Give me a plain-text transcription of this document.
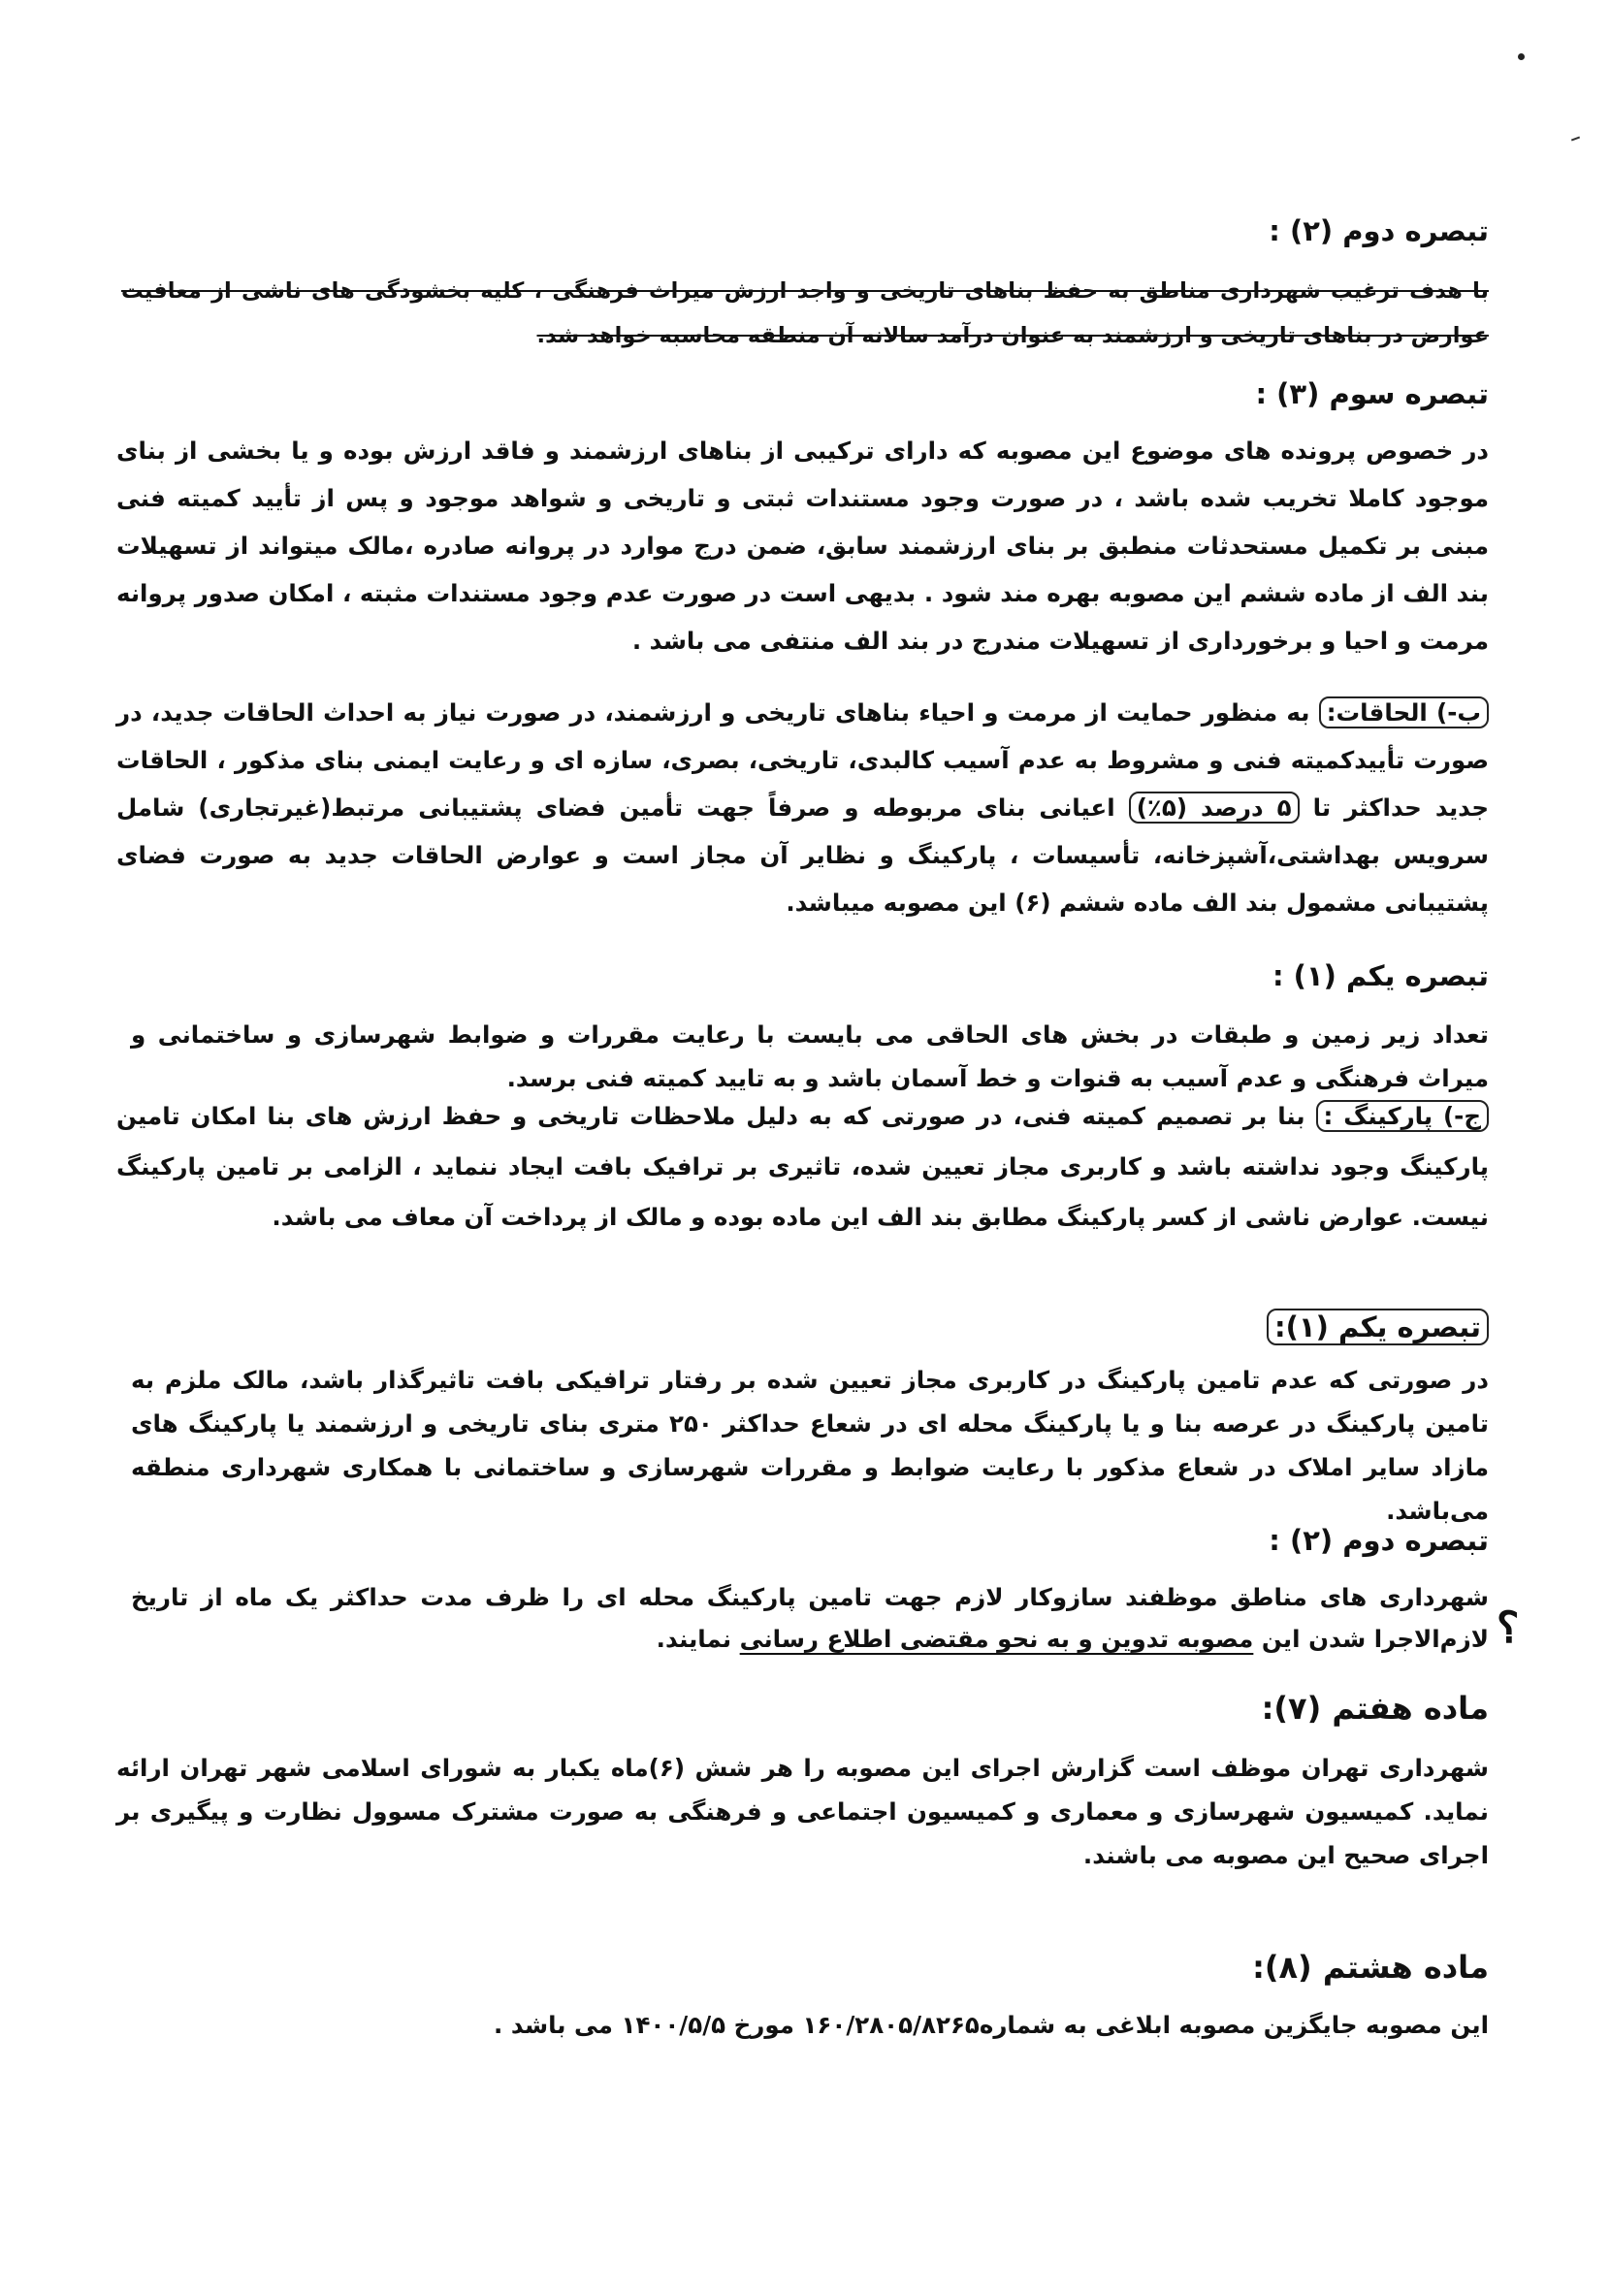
تبصره دوم (۲) :
با هدف ترغیب شهرداری مناطق به حفظ بناهای تاریخی و واجد ارزش میراث فرهنگی ، کلیه بخشودگی های ناشی از معافیت عوارض در بناهای تاریخی و ارزشمند به عنوان درآمد سالانه آن منطقه محاسبه خواهد شد.
تبصره سوم (۳) :
در خصوص پرونده های موضوع این مصوبه که دارای ترکیبی از بناهای ارزشمند و فاقد ارزش بوده و یا بخشی از بنای موجود کاملا تخریب شده باشد ، در صورت وجود مستندات ثبتی و تاریخی و شواهد موجود و پس از تأیید کمیته فنی مبنی بر تکمیل مستحدثات منطبق بر بنای ارزشمند سابق، ضمن درج موارد در پروانه صادره ،مالک میتواند از تسهیلات بند الف از ماده ششم این مصوبه بهره مند شود . بدیهی است در صورت عدم وجود مستندات مثبته ، امکان صدور پروانه مرمت و احیا و برخورداری از تسهیلات مندرج در بند الف منتفی می باشد .
ب-) الحاقات: به منظور حمایت از مرمت و احیاء بناهای تاریخی و ارزشمند، در صورت نیاز به احداث الحاقات جدید، در صورت تأییدکمیته فنی و مشروط به عدم آسیب کالبدی، تاریخی، بصری، سازه ای و رعایت ایمنی بنای مذکور ، الحاقات جدید حداکثر تا ۵ درصد (۵٪) اعیانی بنای مربوطه و صرفاً جهت تأمین فضای پشتیبانی مرتبط(غیرتجاری) شامل سرویس بهداشتی،آشپزخانه، تأسیسات ، پارکینگ و نظایر آن مجاز است و عوارض الحاقات جدید به صورت فضای پشتیبانی مشمول بند الف ماده ششم (۶) این مصوبه میباشد.
تبصره یکم (۱) :
تعداد زیر زمین و طبقات در بخش های الحاقی می بایست با رعایت مقررات و ضوابط شهرسازی و ساختمانی و میراث فرهنگی و عدم آسیب به قنوات و خط آسمان باشد و به تایید کمیته فنی برسد.
ج-) پارکینگ : بنا بر تصمیم کمیته فنی، در صورتی که به دلیل ملاحظات تاریخی و حفظ ارزش های بنا امکان تامین پارکینگ وجود نداشته باشد و کاربری مجاز تعیین شده، تاثیری بر ترافیک بافت ایجاد ننماید ، الزامی بر تامین پارکینگ نیست. عوارض ناشی از کسر پارکینگ مطابق بند الف این ماده بوده و مالک از پرداخت آن معاف می باشد.
تبصره یکم (۱):
در صورتی که عدم تامین پارکینگ در کاربری مجاز تعیین شده بر رفتار ترافیکی بافت تاثیرگذار باشد، مالک ملزم به تامین پارکینگ در عرصه بنا و یا پارکینگ محله ای در شعاع حداکثر ۲۵۰ متری بنای تاریخی و ارزشمند یا پارکینگ های مازاد سایر املاک در شعاع مذکور با رعایت ضوابط و مقررات شهرسازی و ساختمانی با همکاری شهرداری منطقه می‌باشد.
تبصره دوم (۲) :
شهرداری های مناطق موظفند سازوکار لازم جهت تامین پارکینگ محله ای را ظرف مدت حداکثر یک ماه از تاریخ لازم‌الاجرا شدن این مصوبه تدوین و به نحو مقتضی اطلاع رسانی نمایند.	؟
ماده هفتم (۷):
شهرداری تهران موظف است گزارش اجرای این مصوبه را هر شش (۶)ماه یکبار به شورای اسلامی شهر تهران ارائه نماید. کمیسیون شهرسازی و معماری و کمیسیون اجتماعی و فرهنگی به صورت مشترک مسوول نظارت و پیگیری بر اجرای صحیح این مصوبه می باشند.
ماده هشتم (۸):
این مصوبه جایگزین مصوبه ابلاغی به شماره۱۶۰/۲۸۰۵/۸۲۶۵ مورخ ۱۴۰۰/۵/۵ می باشد .
